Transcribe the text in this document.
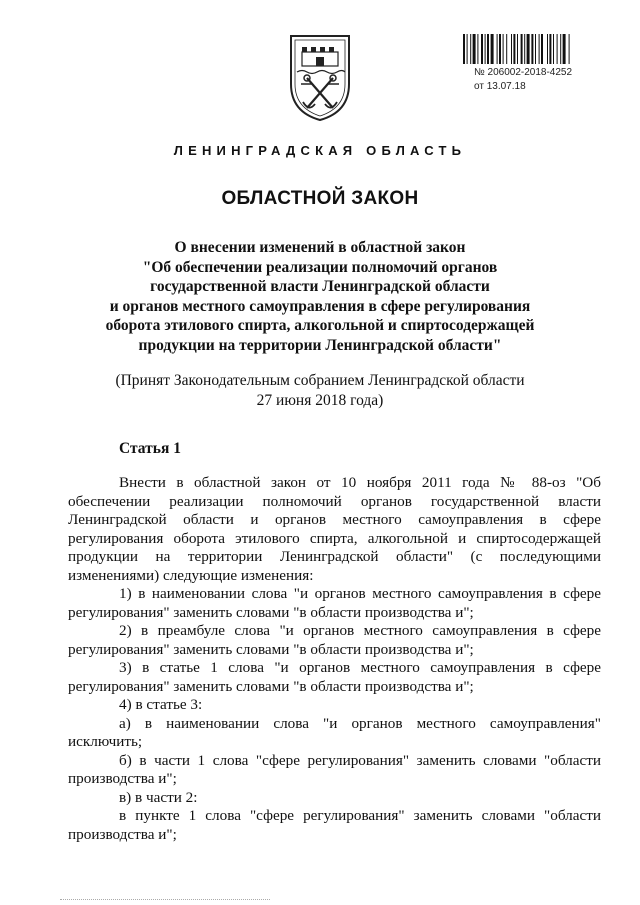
№ 206002-2018-4252
от 13.07.18
ЛЕНИНГРАДСКАЯ ОБЛАСТЬ
ОБЛАСТНОЙ ЗАКОН
О внесении изменений в областной закон
"Об обеспечении реализации полномочий органов
государственной власти Ленинградской области
и органов местного самоуправления в сфере регулирования
оборота этилового спирта, алкогольной и спиртосодержащей
продукции на территории Ленинградской области"
(Принят Законодательным собранием Ленинградской области
27 июня 2018 года)
Статья 1

Внести в областной закон от 10 ноября 2011 года № 88-оз "Об обеспечении реализации полномочий органов государственной власти Ленинградской области и органов местного самоуправления в сфере регулирования оборота этилового спирта, алкогольной и спиртосодержащей продукции на территории Ленинградской области" (с последующими изменениями) следующие изменения:

1) в наименовании слова "и органов местного самоуправления в сфере регулирования" заменить словами "в области производства и";

2) в преамбуле слова "и органов местного самоуправления в сфере регулирования" заменить словами "в области производства и";

3) в статье 1 слова "и органов местного самоуправления в сфере регулирования" заменить словами "в области производства и";

4) в статье 3:

а) в наименовании слова "и органов местного самоуправления" исключить;

б) в части 1 слова "сфере регулирования" заменить словами "области производства и";

в) в части 2:

в пункте 1 слова "сфере регулирования" заменить словами "области производства и";
